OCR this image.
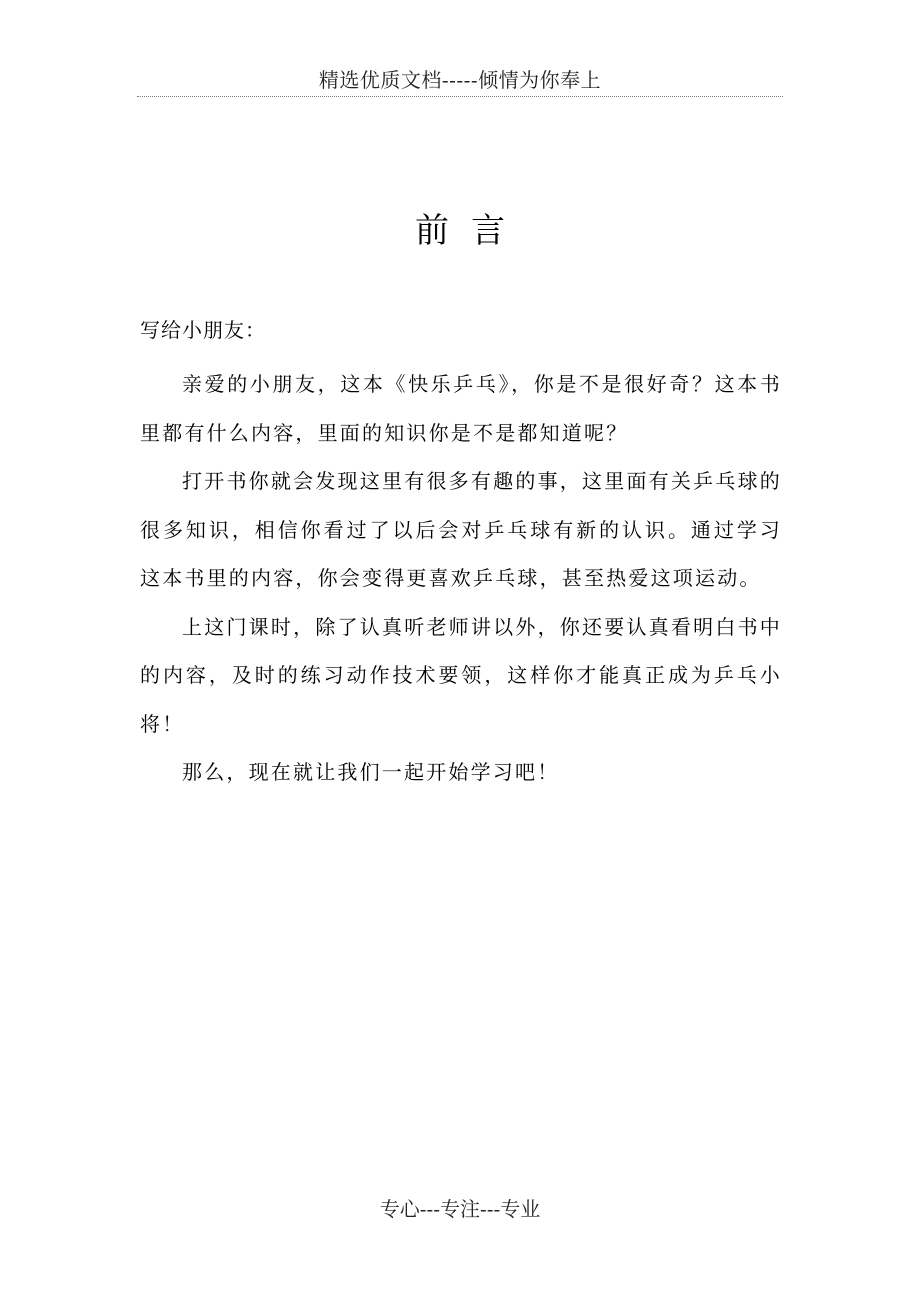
精选优质文档-----倾情为你奉上
前言
写给小朋友：

亲爱的小朋友，这本《快乐乒乓》，你是不是很好奇？这本书里都有什么内容，里面的知识你是不是都知道呢？

打开书你就会发现这里有很多有趣的事，这里面有关乒乓球的很多知识，相信你看过了以后会对乒乓球有新的认识。通过学习这本书里的内容，你会变得更喜欢乒乓球，甚至热爱这项运动。

上这门课时，除了认真听老师讲以外，你还要认真看明白书中的内容，及时的练习动作技术要领，这样你才能真正成为乒乓小将！

那么，现在就让我们一起开始学习吧！

专心---专注---专业
